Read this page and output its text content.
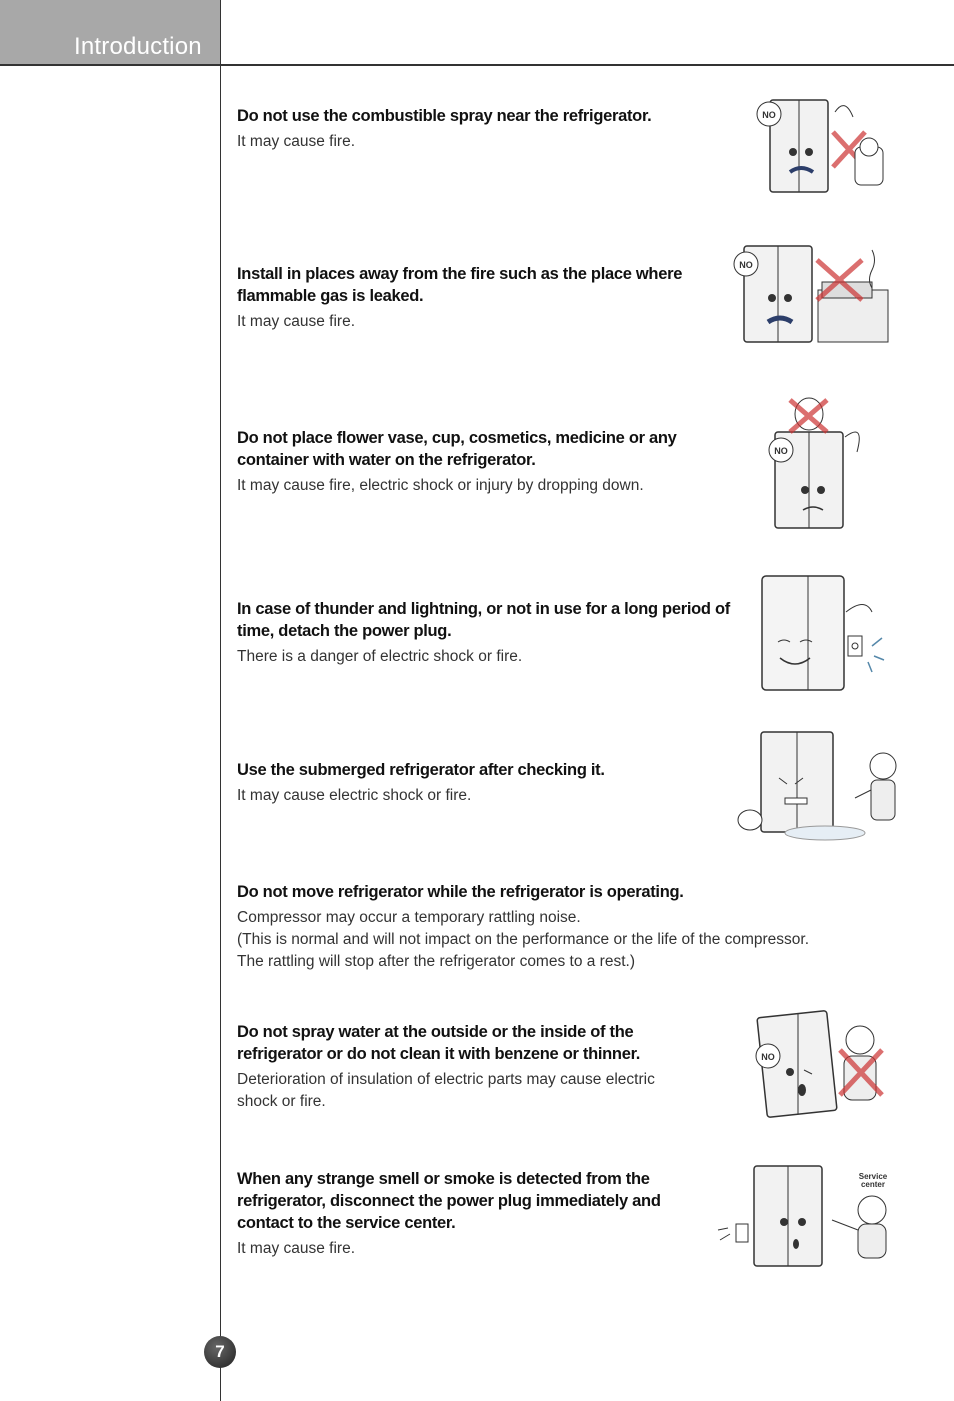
Introduction
Do not use the combustible spray near the refrigerator.

It may cause fire.

NO
Install in places away from the fire such as the place where
flammable gas is leaked.

It may cause fire.

NO
Do not place flower vase, cup, cosmetics, medicine or any
container with water on the refrigerator.

It may cause fire, electric shock or injury by dropping down.

NO
In case of thunder and lightning, or not in use for a long period of
time, detach the power plug.

There is a danger of electric shock or fire.

Use the submerged refrigerator after checking it.

It may cause electric shock or fire.

Do not move refrigerator while the refrigerator is operating.

Compressor may occur a temporary rattling noise.

(This is normal and will not impact on the performance or the life of the compressor.

The rattling will stop after the refrigerator comes to a rest.)

Do not spray water at the outside or the inside of the
refrigerator or do not clean it with benzene or thinner.

Deterioration of insulation of electric parts may cause electric

shock or fire.

NO
When any strange smell or smoke is detected from the
refrigerator, disconnect the power plug immediately and
contact to the service center.

It may cause fire.

Service
center
7
